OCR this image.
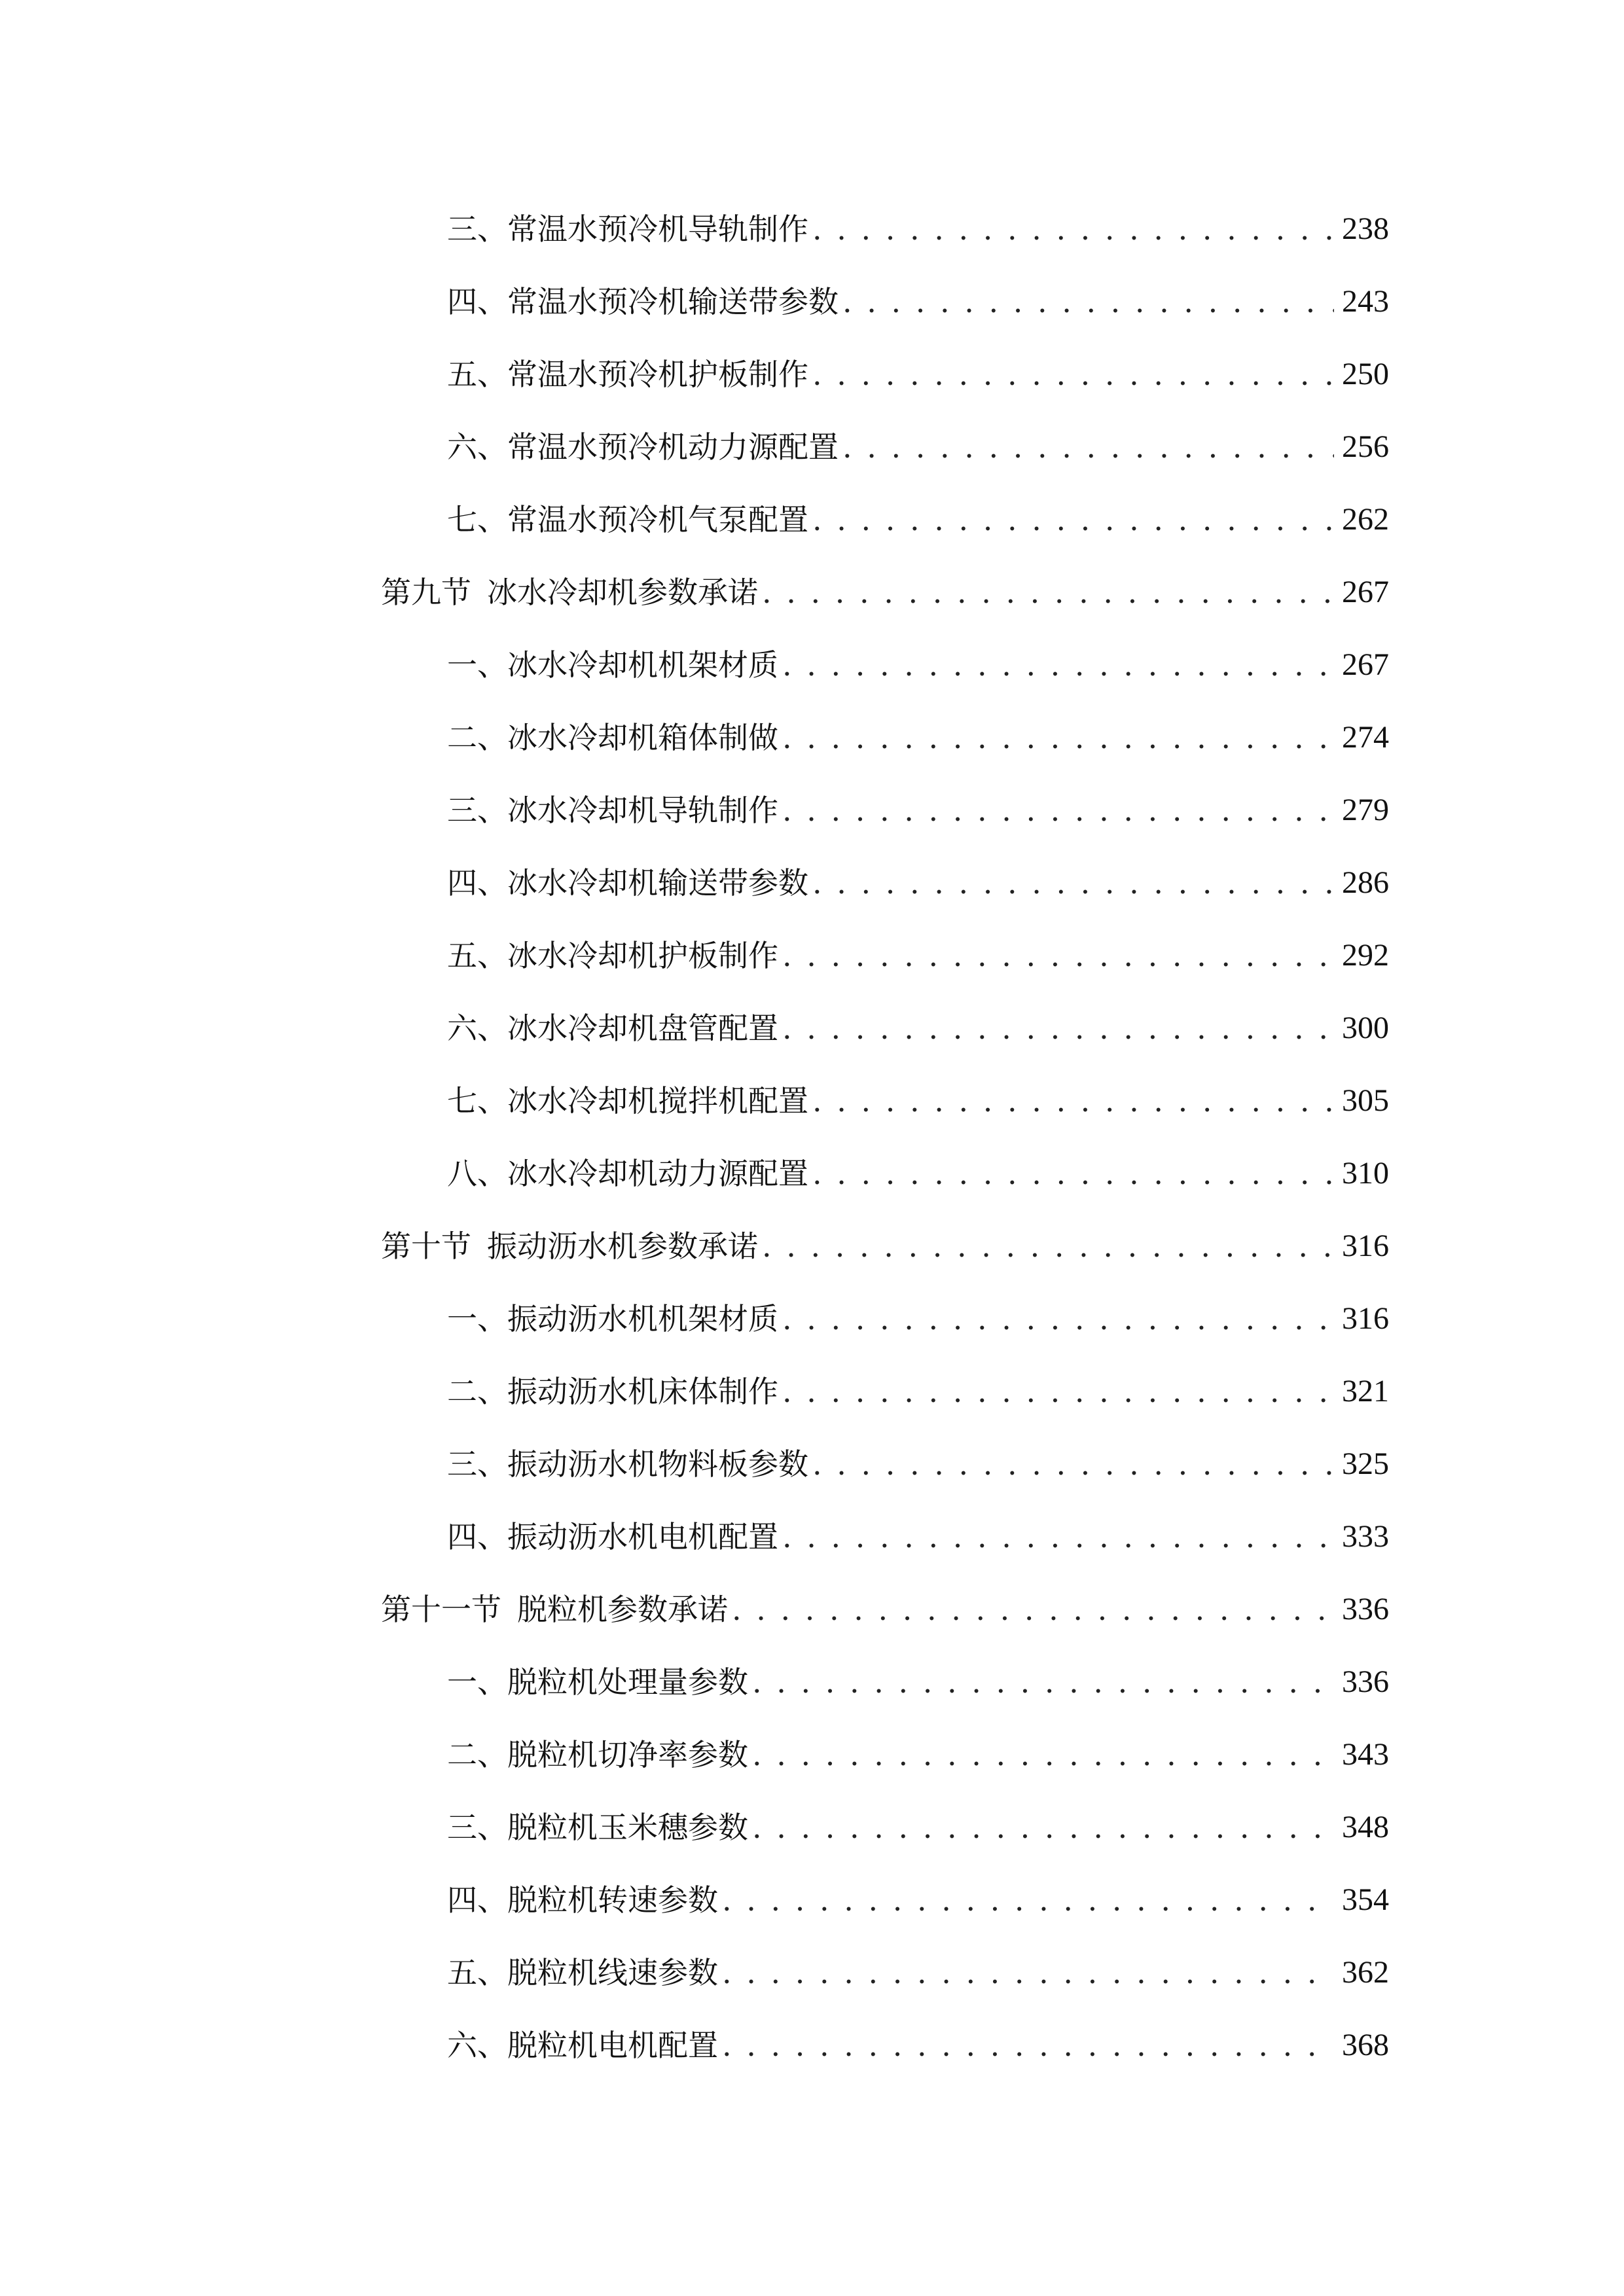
三、 常温水预冷机导轨制作 . . .	238
四、 常温水预冷机输送带参数 . . .	243
五、 常温水预冷机护板制作 . . .	250
六、 常温水预冷机动力源配置 . . .	256
七、 常温水预冷机气泵配置 . . .	262
第九节 冰水冷却机参数承诺 . . .	267
一、 冰水冷却机机架材质 . . .	267
二、 冰水冷却机箱体制做 . . .	274
三、 冰水冷却机导轨制作 . . .	279
四、 冰水冷却机输送带参数 . . .	286
五、 冰水冷却机护板制作 . . .	292
六、 冰水冷却机盘管配置 . . .	300
七、 冰水冷却机搅拌机配置 . . .	305
八、 冰水冷却机动力源配置 . . .	310
第十节 振动沥水机参数承诺 . . .	316
一、 振动沥水机机架材质 . . .	316
二、 振动沥水机床体制作 . . .	321
三、 振动沥水机物料板参数 . . .	325
四、 振动沥水机电机配置 . . .	333
第十一节 脱粒机参数承诺 . . .	336
一、 脱粒机处理量参数 . . .	336
二、 脱粒机切净率参数 . . .	343
三、 脱粒机玉米穗参数 . . .	348
四、 脱粒机转速参数 . . .	354
五、 脱粒机线速参数 . . .	362
六、 脱粒机电机配置 . . .	368
